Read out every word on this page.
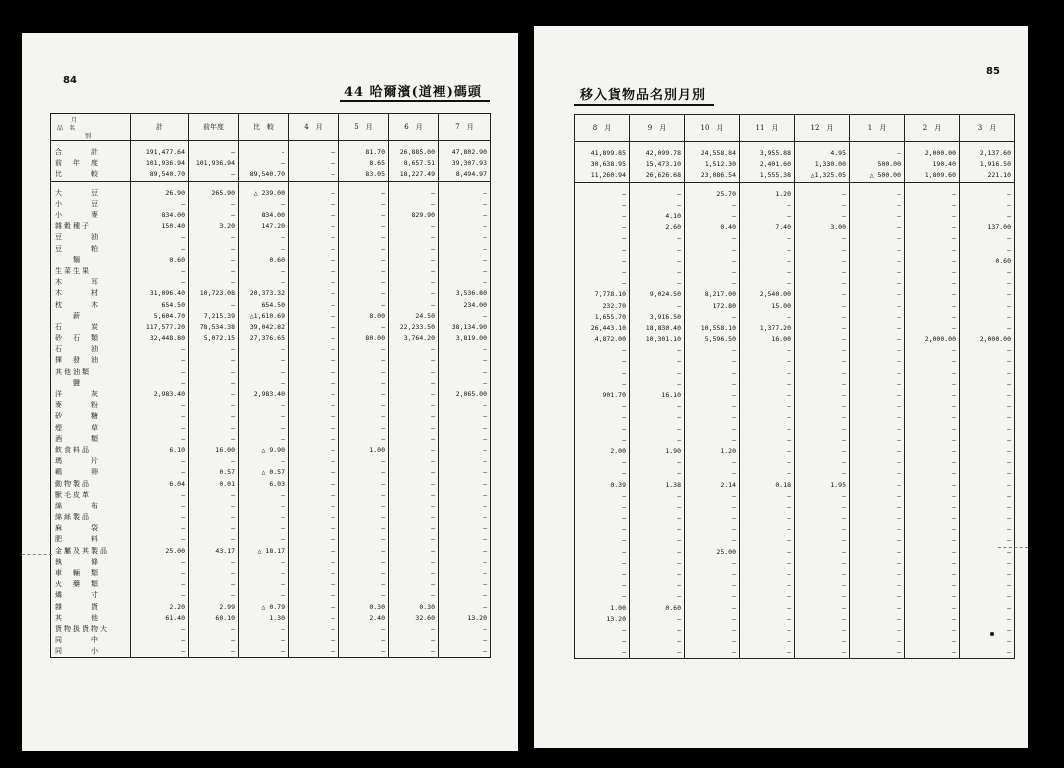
84
44 哈爾濱(道裡)碼頭
月
品　名
別	計	前年度	比　較	4　月	5　月	6　月	7　月

合　　　計	191,477.64	—	-	—	81.70	26,885.00	47,802.90
前　年　度	101,936.94	101,936.94	—	—	8.65	8,657.51	39,307.93
比　　　較	89,540.70	—	89,540.70	—	83.05	18,227.49	8,494.97

大　　　豆	26.90	265.90	△ 239.00	—	—	—	—
小　　　豆	—	—	—	—	—	—	—
小　　　麥	834.00	—	834.00	—	—	829.90	—
雜穀種子	150.40	3.20	147.20	—	—	—	—
豆　　　油	—	—	—	—	—	—	—
豆　　　粕	—	—	—	—	—	—	—
　　麵	0.60	—	0.60	—	—	—	—
生菜生果	—	—	—	—	—	—	—
木　　　耳	—	—	—	—	—	—	—
木　　　材	31,096.40	10,723.08	20,373.32	—	—	—	3,536.80
枕　　　木	654.50	—	654.50	—	—	—	234.00
　　薪	5,604.70	7,215.39	△1,610.69	—	8.00	24.50	—
石　　　炭	117,577.20	78,534.38	39,042.82	—	—	22,233.50	38,134.90
砂　石　類	32,448.80	5,072.15	27,376.65	—	80.00	3,764.20	3,819.00
石　　　油	—	—	—	—	—	—	—
揮　發　油	—	—	—	—	—	—	—
其他油類	—	—	—	—	—	—	—
　　鹽	—	—	—	—	—	—	—
洋　　　灰	2,983.40	—	2,983.40	—	—	—	2,065.00
麥　　　粉	—	—	—	—	—	—	—
砂　　　糖	—	—	—	—	—	—	—
煙　　　草	—	—	—	—	—	—	—
酒　　　類	—	—	—	—	—	—	—
飲食料品	6.10	16.00	△ 9.90	—	1.00	—	—
瑪　　　片	—	—	—	—	—	—	—
鷄　　　卵	—	0.57	△ 0.57	—	—	—	—
動物製品	6.04	0.01	6.03	—	—	—	—
獸毛皮革	—	—	—	—	—	—	—
綿　　　布	—	—	—	—	—	—	—
綿絲製品	—	—	—	—	—	—	—
麻　　　袋	—	—	—	—	—	—	—
肥　　　料	—	—	—	—	—	—	—
金屬及其製品	25.00	43.17	△ 18.17	—	—	—	—
執　　　條	—	—	—	—	—	—	—
車　輛　類	—	—	—	—	—	—	—
火　藥　類	—	—	—	—	—	—	—
燐　　　寸	—	—	—	—	—	—	—
雜　　　貨	2.20	2.99	△ 0.79	—	0.30	0.30	—
其　　　他	61.40	60.10	1.30	—	2.40	32.60	13.20
貨物扱貨物大	—	—	—	—	—	—	—
同　　　中	—	—	—	—	—	—	—
同　　　小	—	—	—	—	—	—	—
85
移入貨物品名別月別
8　月	9　月	10　月	11　月	12　月	1　月	2　月	3　月

41,899.85	42,099.78	24,558.84	3,955.88	4.95	—	2,000.00	2,137.60
30,638.95	15,473.10	1,512.30	2,401.60	1,330.00	500.00	190.40	1,916.50
11,260.94	26,626.68	23,086.54	1,555.38	△1,325.05	△ 500.00	1,809.60	221.10

—	—	25.70	1.20	—	—	—	—
—	—	—	—	—	—	—	—
—	4.10	—	—	—	—	—	—
—	2.60	0.40	7.40	3.00	—	—	137.00
—	—	—	—	—	—	—	—
—	—	—	—	—	—	—	—
—	—	—	—	—	—	—	0.60
—	—	—	—	—	—	—	—
—	—	—	—	—	—	—	—
7,778.10	9,024.50	8,217.00	2,540.00	—	—	—	—
232.70	—	172.80	15.00	—	—	—	—
1,655.70	3,916.50	—	—	—	—	—	—
26,443.10	18,830.40	10,558.10	1,377.20	—	—	—	—
4,872.00	10,301.10	5,596.50	16.00	—	—	2,000.00	2,000.00
—	—	—	—	—	—	—	—
—	—	—	—	—	—	—	—
—	—	—	—	—	—	—	—
—	—	—	—	—	—	—	—
901.70	16.10	—	—	—	—	—	—
—	—	—	—	—	—	—	—
—	—	—	—	—	—	—	—
—	—	—	—	—	—	—	—
—	—	—	—	—	—	—	—
2.00	1.90	1.20	—	—	—	—	—
—	—	—	—	—	—	—	—
—	—	—	—	—	—	—	—
0.39	1.38	2.14	0.18	1.95	—	—	—
—	—	—	—	—	—	—	—
—	—	—	—	—	—	—	—
—	—	—	—	—	—	—	—
—	—	—	—	—	—	—	—
—	—	—	—	—	—	—	—
—	—	25.00	—	—	—	—	—
—	—	—	—	—	—	—	—
—	—	—	—	—	—	—	—
—	—	—	—	—	—	—	—
—	—	—	—	—	—	—	—
1.00	0.60	—	—	—	—	—	—
13.20	—	—	—	—	—	—	—
—	—	—	—	—	—	—	—
—	—	—	—	—	—	—	—
—	—	—	—	—	—	—	—
